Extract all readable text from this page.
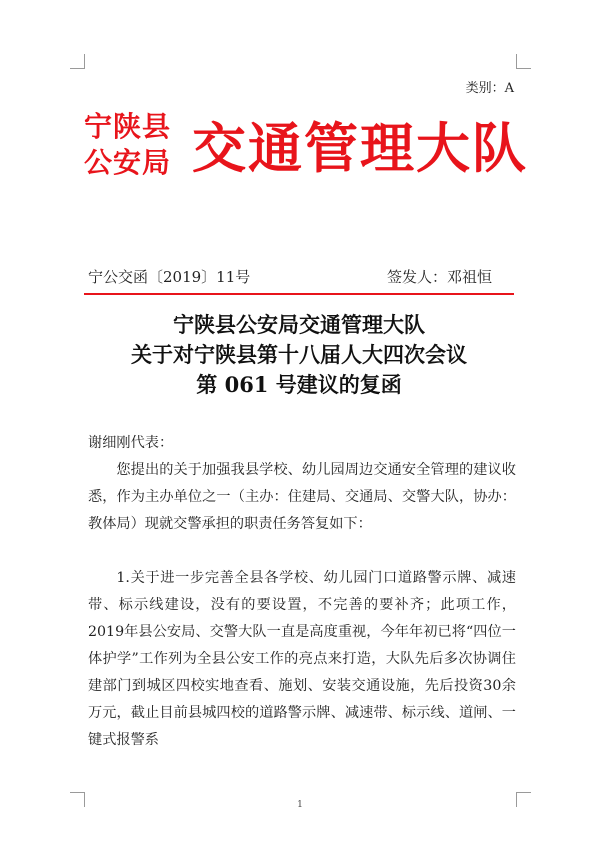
类别：A
宁陕县
公安局 交通管理大队
宁公交函〔2019〕11号	签发人：邓祖恒
宁陕县公安局交通管理大队
关于对宁陕县第十八届人大四次会议
第 061 号建议的复函
谢细刚代表：
您提出的关于加强我县学校、幼儿园周边交通安全管理的建议收悉，作为主办单位之一（主办：住建局、交通局、交警大队，协办：教体局）现就交警承担的职责任务答复如下：
1.关于进一步完善全县各学校、幼儿园门口道路警示牌、减速带、标示线建设，没有的要设置，不完善的要补齐；此项工作，2019年县公安局、交警大队一直是高度重视，今年年初已将“四位一体护学”工作列为全县公安工作的亮点来打造，大队先后多次协调住建部门到城区四校实地查看、施划、安装交通设施，先后投资30余万元，截止目前县城四校的道路警示牌、减速带、标示线、道闸、一键式报警系
1
